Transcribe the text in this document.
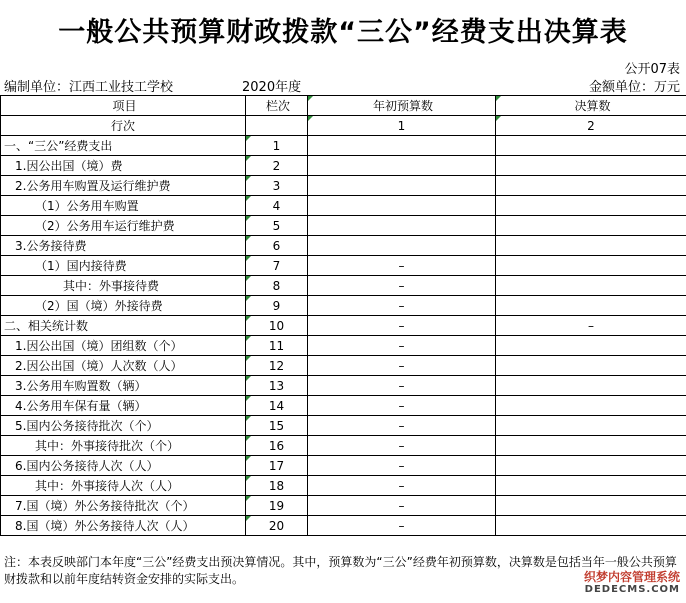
一般公共预算财政拨款“三公”经费支出决算表
公开07表
编制单位：江西工业技工学校	2020年度	金额单位：万元
项目	栏次	年初预算数	决算数
行次		1	2
一、“三公”经费支出	1		
1.因公出国（境）费	2		
2.公务用车购置及运行维护费	3		
（1）公务用车购置	4		
（2）公务用车运行维护费	5		
3.公务接待费	6		
（1）国内接待费	7	–	
其中：外事接待费	8	–	
（2）国（境）外接待费	9	–	
二、相关统计数	10	–	–
1.因公出国（境）团组数（个）	11	–	
2.因公出国（境）人次数（人）	12	–	
3.公务用车购置数（辆）	13	–	
4.公务用车保有量（辆）	14	–	
5.国内公务接待批次（个）	15	–	
其中：外事接待批次（个）	16	–	
6.国内公务接待人次（人）	17	–	
其中：外事接待人次（人）	18	–	
7.国（境）外公务接待批次（个）	19	–	
8.国（境）外公务接待人次（人）	20	–	
注：本表反映部门本年度“三公”经费支出预决算情况。其中，预算数为“三公”经费年初预算数，决算数是包括当年一般公共预算财拨款和以前年度结转资金安排的实际支出。	织梦内容管理系统
DEDECMS.COM
